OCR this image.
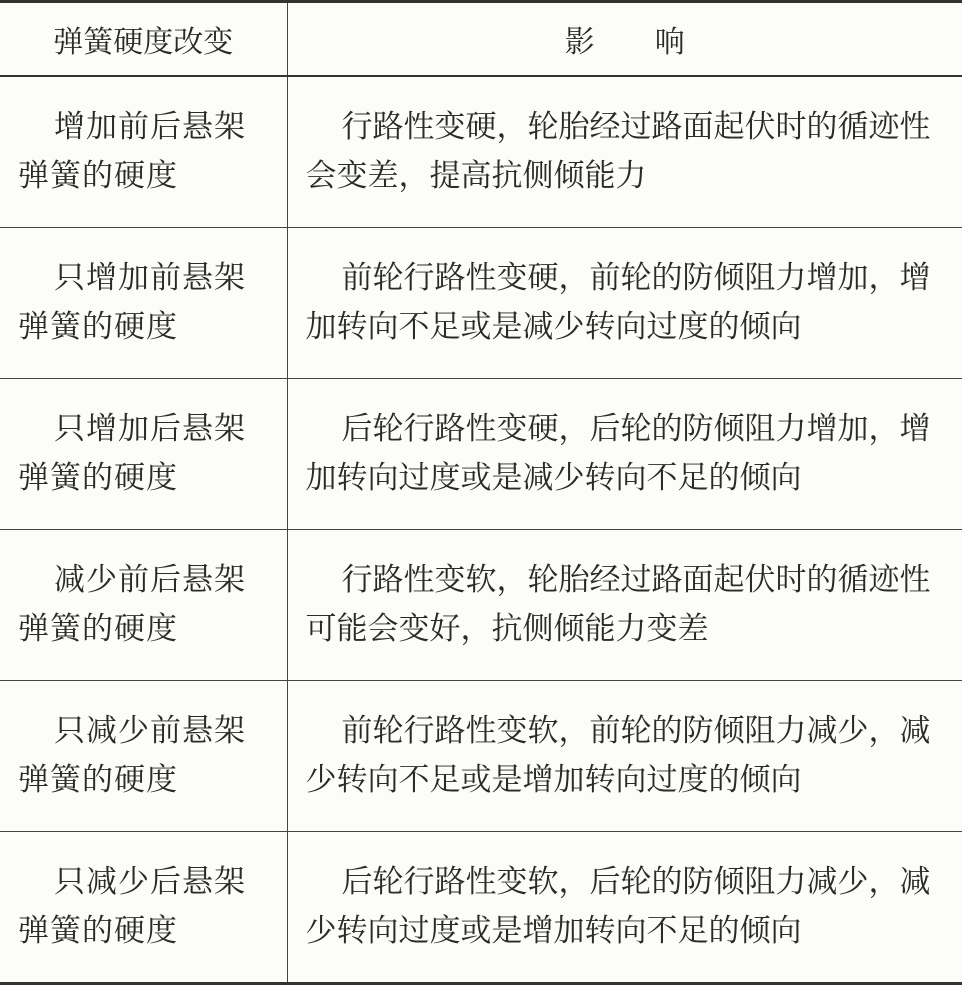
弹簧硬度改变	影　　响
增加前后悬架弹簧的硬度	行路性变硬，轮胎经过路面起伏时的循迹性会变差，提高抗侧倾能力
只增加前悬架弹簧的硬度	前轮行路性变硬，前轮的防倾阻力增加，增加转向不足或是减少转向过度的倾向
只增加后悬架弹簧的硬度	后轮行路性变硬，后轮的防倾阻力增加，增加转向过度或是减少转向不足的倾向
减少前后悬架弹簧的硬度	行路性变软，轮胎经过路面起伏时的循迹性可能会变好，抗侧倾能力变差
只减少前悬架弹簧的硬度	前轮行路性变软，前轮的防倾阻力减少，减少转向不足或是增加转向过度的倾向
只减少后悬架弹簧的硬度	后轮行路性变软，后轮的防倾阻力减少，减少转向过度或是增加转向不足的倾向
